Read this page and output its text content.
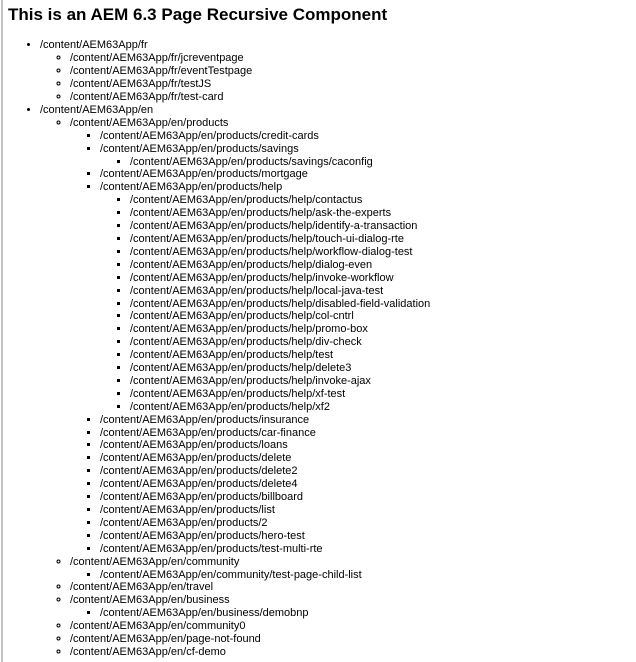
This is an AEM 6.3 Page Recursive Component
• /content/AEM63App/fr
◦ /content/AEM63App/fr/jcreventpage
◦ /content/AEM63App/fr/eventTestpage
◦ /content/AEM63App/fr/testJS
◦ /content/AEM63App/fr/test-card
• /content/AEM63App/en
◦ /content/AEM63App/en/products
▪ /content/AEM63App/en/products/credit-cards
▪ /content/AEM63App/en/products/savings
▪ /content/AEM63App/en/products/savings/caconfig
▪ /content/AEM63App/en/products/mortgage
▪ /content/AEM63App/en/products/help
▪ /content/AEM63App/en/products/help/contactus
▪ /content/AEM63App/en/products/help/ask-the-experts
▪ /content/AEM63App/en/products/help/identify-a-transaction
▪ /content/AEM63App/en/products/help/touch-ui-dialog-rte
▪ /content/AEM63App/en/products/help/workflow-dialog-test
▪ /content/AEM63App/en/products/help/dialog-even
▪ /content/AEM63App/en/products/help/invoke-workflow
▪ /content/AEM63App/en/products/help/local-java-test
▪ /content/AEM63App/en/products/help/disabled-field-validation
▪ /content/AEM63App/en/products/help/col-cntrl
▪ /content/AEM63App/en/products/help/promo-box
▪ /content/AEM63App/en/products/help/div-check
▪ /content/AEM63App/en/products/help/test
▪ /content/AEM63App/en/products/help/delete3
▪ /content/AEM63App/en/products/help/invoke-ajax
▪ /content/AEM63App/en/products/help/xf-test
▪ /content/AEM63App/en/products/help/xf2
▪ /content/AEM63App/en/products/insurance
▪ /content/AEM63App/en/products/car-finance
▪ /content/AEM63App/en/products/loans
▪ /content/AEM63App/en/products/delete
▪ /content/AEM63App/en/products/delete2
▪ /content/AEM63App/en/products/delete4
▪ /content/AEM63App/en/products/billboard
▪ /content/AEM63App/en/products/list
▪ /content/AEM63App/en/products/2
▪ /content/AEM63App/en/products/hero-test
▪ /content/AEM63App/en/products/test-multi-rte
◦ /content/AEM63App/en/community
▪ /content/AEM63App/en/community/test-page-child-list
◦ /content/AEM63App/en/travel
◦ /content/AEM63App/en/business
▪ /content/AEM63App/en/business/demobnp
◦ /content/AEM63App/en/community0
◦ /content/AEM63App/en/page-not-found
◦ /content/AEM63App/en/cf-demo
